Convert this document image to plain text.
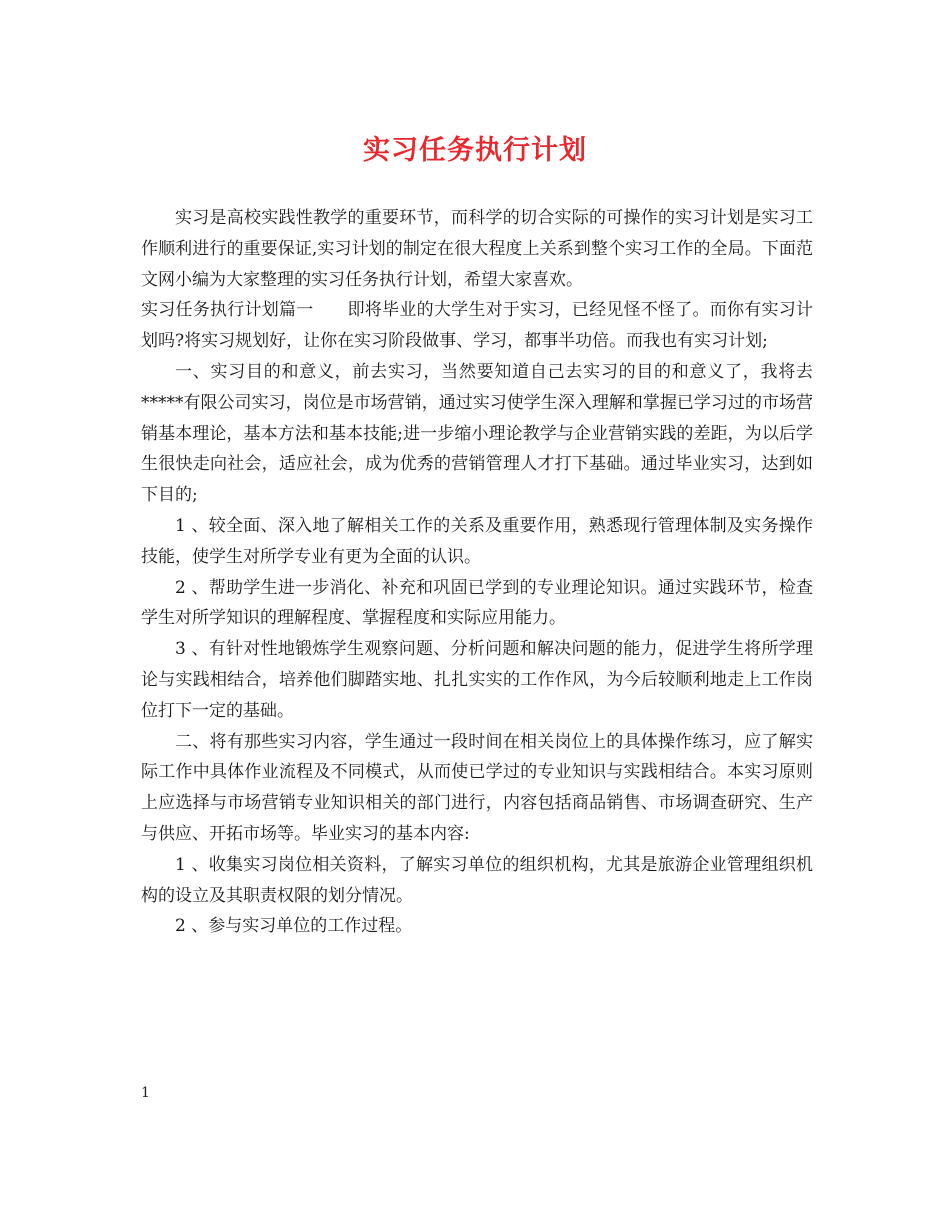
实习任务执行计划

实习是高校实践性教学的重要环节，而科学的切合实际的可操作的实习计划是实习工作顺利进行的重要保证,实习计划的制定在很大程度上关系到整个实习工作的全局。下面范文网小编为大家整理的实习任务执行计划，希望大家喜欢。

实习任务执行计划篇一 即将毕业的大学生对于实习，已经见怪不怪了。而你有实习计划吗?将实习规划好，让你在实习阶段做事、学习，都事半功倍。而我也有实习计划;

一、实习目的和意义，前去实习，当然要知道自己去实习的目的和意义了，我将去*****有限公司实习，岗位是市场营销，通过实习使学生深入理解和掌握已学习过的市场营销基本理论，基本方法和基本技能;进一步缩小理论教学与企业营销实践的差距，为以后学生很快走向社会，适应社会，成为优秀的营销管理人才打下基础。通过毕业实习，达到如下目的;

1 、较全面、深入地了解相关工作的关系及重要作用，熟悉现行管理体制及实务操作技能，使学生对所学专业有更为全面的认识。

2 、帮助学生进一步消化、补充和巩固已学到的专业理论知识。通过实践环节，检查学生对所学知识的理解程度、掌握程度和实际应用能力。

3 、有针对性地锻炼学生观察问题、分析问题和解决问题的能力，促进学生将所学理论与实践相结合，培养他们脚踏实地、扎扎实实的工作作风，为今后较顺利地走上工作岗位打下一定的基础。

二、将有那些实习内容，学生通过一段时间在相关岗位上的具体操作练习，应了解实际工作中具体作业流程及不同模式，从而使已学过的专业知识与实践相结合。本实习原则上应选择与市场营销专业知识相关的部门进行，内容包括商品销售、市场调查研究、生产与供应、开拓市场等。毕业实习的基本内容:

1 、收集实习岗位相关资料，了解实习单位的组织机构，尤其是旅游企业管理组织机构的设立及其职责权限的划分情况。

2 、参与实习单位的工作过程。

1
